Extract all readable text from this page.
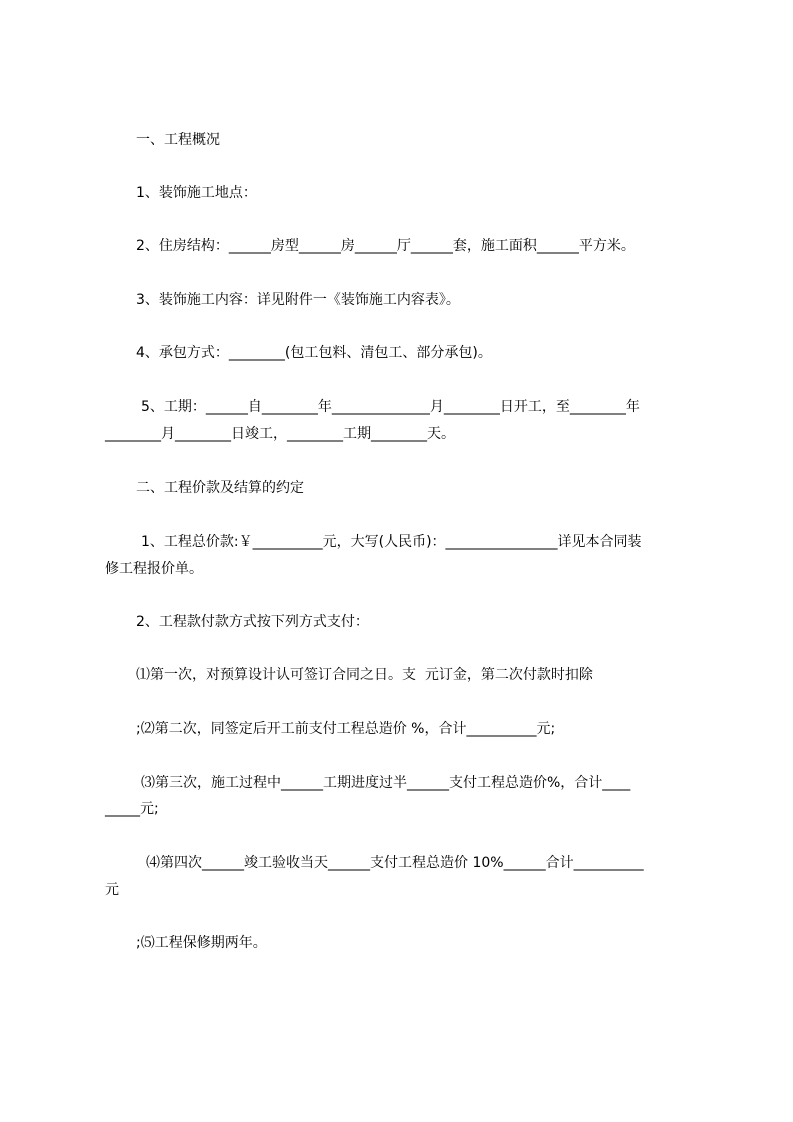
一、工程概况
1、装饰施工地点：
2、住房结构：______房型______房______厅______套，施工面积______平方米。
3、装饰施工内容：详见附件一《装饰施工内容表》。
4、承包方式：________(包工包料、清包工、部分承包)。
5、工期：______自________年______________月________日开工，至________年
________月________日竣工，________工期________天。
二、工程价款及结算的约定
1、工程总价款:￥__________元，大写(人民币)：________________详见本合同装
修工程报价单。
2、工程款付款方式按下列方式支付：
⑴第一次，对预算设计认可签订合同之日。支  元订金，第二次付款时扣除
;⑵第二次，同签定后开工前支付工程总造价 %，合计__________元;
⑶第三次，施工过程中______工期进度过半______支付工程总造价%，合计____
_____元;
⑷第四次______竣工验收当天______支付工程总造价 10%______合计__________
元
;⑸工程保修期两年。
